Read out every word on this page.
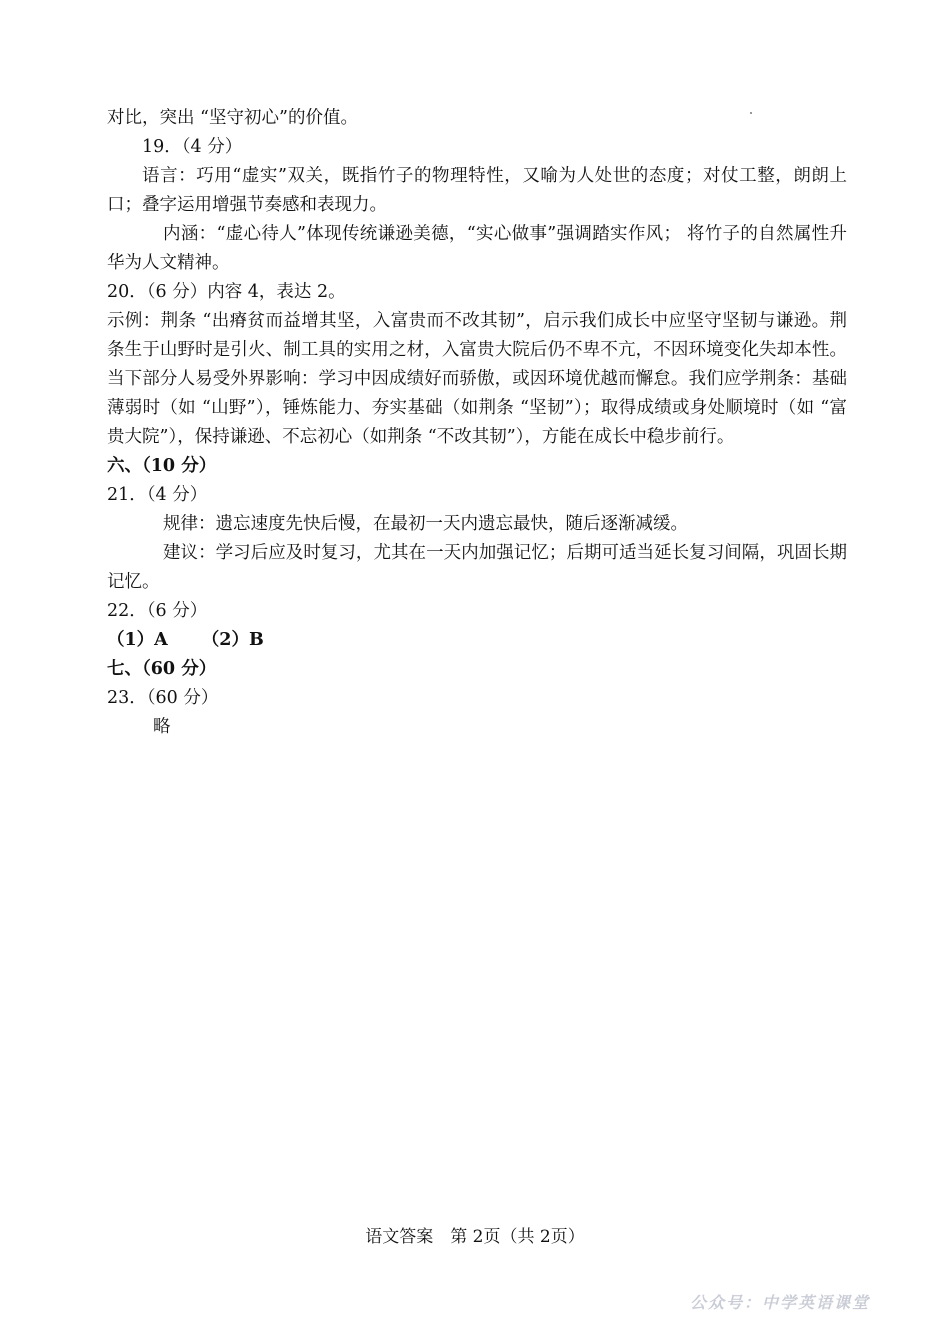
对比，突出 “坚守初心”的价值。

19．（4 分）

语言：巧用“虚实”双关，既指竹子的物理特性，又喻为人处世的态度；对仗工整，朗朗上口；叠字运用增强节奏感和表现力。

内涵：“虚心待人”体现传统谦逊美德，“实心做事”强调踏实作风； 将竹子的自然属性升华为人文精神。

20．（6 分）内容 4，表达 2。

示例：荆条 “出瘠贫而益增其坚，入富贵而不改其韧”，启示我们成长中应坚守坚韧与谦逊。荆条生于山野时是引火、制工具的实用之材，入富贵大院后仍不卑不亢，不因环境变化失却本性。当下部分人易受外界影响：学习中因成绩好而骄傲，或因环境优越而懈怠。我们应学荆条：基础薄弱时（如 “山野”），锤炼能力、夯实基础（如荆条 “坚韧”）；取得成绩或身处顺境时（如 “富贵大院”），保持谦逊、不忘初心（如荆条 “不改其韧”），方能在成长中稳步前行。

六、（10 分）

21．（4 分）

规律：遗忘速度先快后慢，在最初一天内遗忘最快，随后逐渐减缓。

建议：学习后应及时复习，尤其在一天内加强记忆；后期可适当延长复习间隔，巩固长期记忆。

22．（6 分）

（1）A （2）B

七、（60 分）

23．（60 分）

略

语文答案　第 2页（共 2页）
公众号：中学英语课堂
